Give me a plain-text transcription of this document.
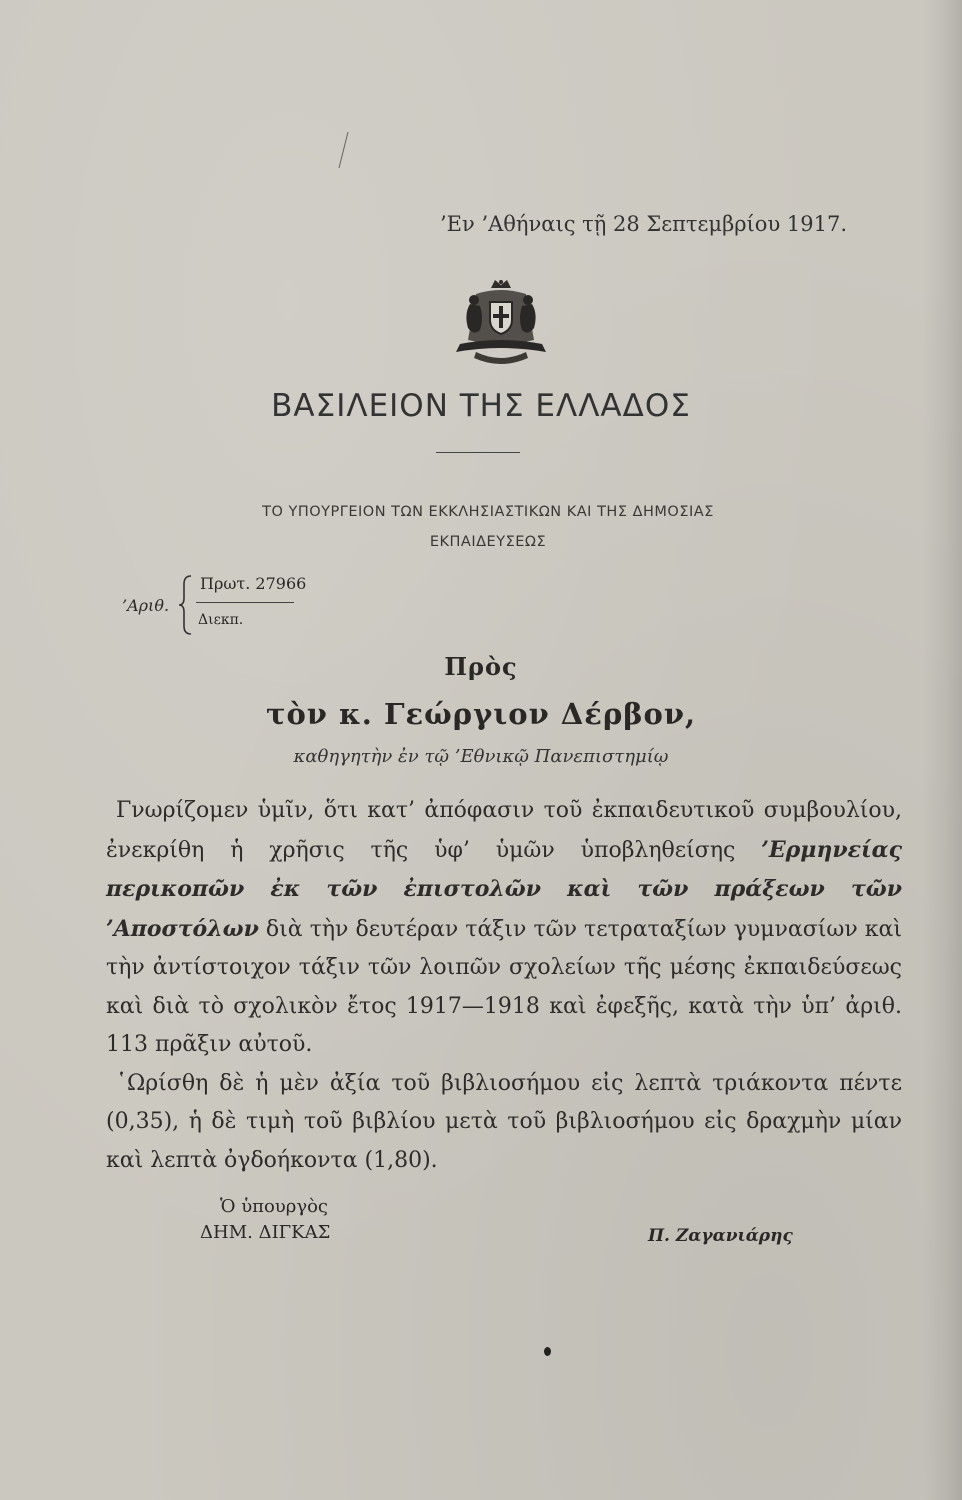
’Εν ’Αθήναις τῇ 28 Σεπτεμβρίου 1917.
ΒΑΣΙΛΕΙΟΝ ΤΗΣ ΕΛΛΑΔΟΣ
ΤΟ ΥΠΟΥΡΓΕΙΟΝ ΤΩΝ ΕΚΚΛΗΣΙΑΣΤΙΚΩΝ ΚΑΙ ΤΗΣ ΔΗΜΟΣΙΑΣ
ΕΚΠΑΙΔΕΥΣΕΩΣ
’Αριθ.
Πρωτ. 27966
Διεκπ.
Πρὸς
τὸν κ. Γεώργιον Δέρβον,
καθηγητὴν ἐν τῷ ’Εθνικῷ Πανεπιστημίῳ

Γνωρίζομεν ὑμῖν, ὅτι κατ’ ἀπόφασιν τοῦ ἐκπαιδευτικοῦ συμβουλίου, ἐνεκρίθη ἡ χρῆσις τῆς ὑφ’ ὑμῶν ὑποβληθείσης ’Ερμηνείας περικοπῶν ἐκ τῶν ἐπιστολῶν καὶ τῶν πράξεων τῶν ’Αποστόλων διὰ τὴν δευτέραν τάξιν τῶν τετραταξίων γυμνασίων καὶ τὴν ἀντίστοιχον τάξιν τῶν λοιπῶν σχολείων τῆς μέσης ἐκπαιδεύσεως καὶ διὰ τὸ σχολικὸν ἔτος 1917—1918 καὶ ἐφεξῆς, κατὰ τὴν ὑπ’ ἀριθ. 113 πρᾶξιν αὐτοῦ.

῾Ωρίσθη δὲ ἡ μὲν ἀξία τοῦ βιβλιοσήμου εἰς λεπτὰ τριάκοντα πέντε (0,35), ἡ δὲ τιμὴ τοῦ βιβλίου μετὰ τοῦ βιβλιοσήμου εἰς δραχμὴν μίαν καὶ λεπτὰ ὀγδοήκοντα (1,80).

Ὁ ὑπουργὸς
ΔΗΜ. ΔΙΓΚΑΣ	Π. Ζαγανιάρης
